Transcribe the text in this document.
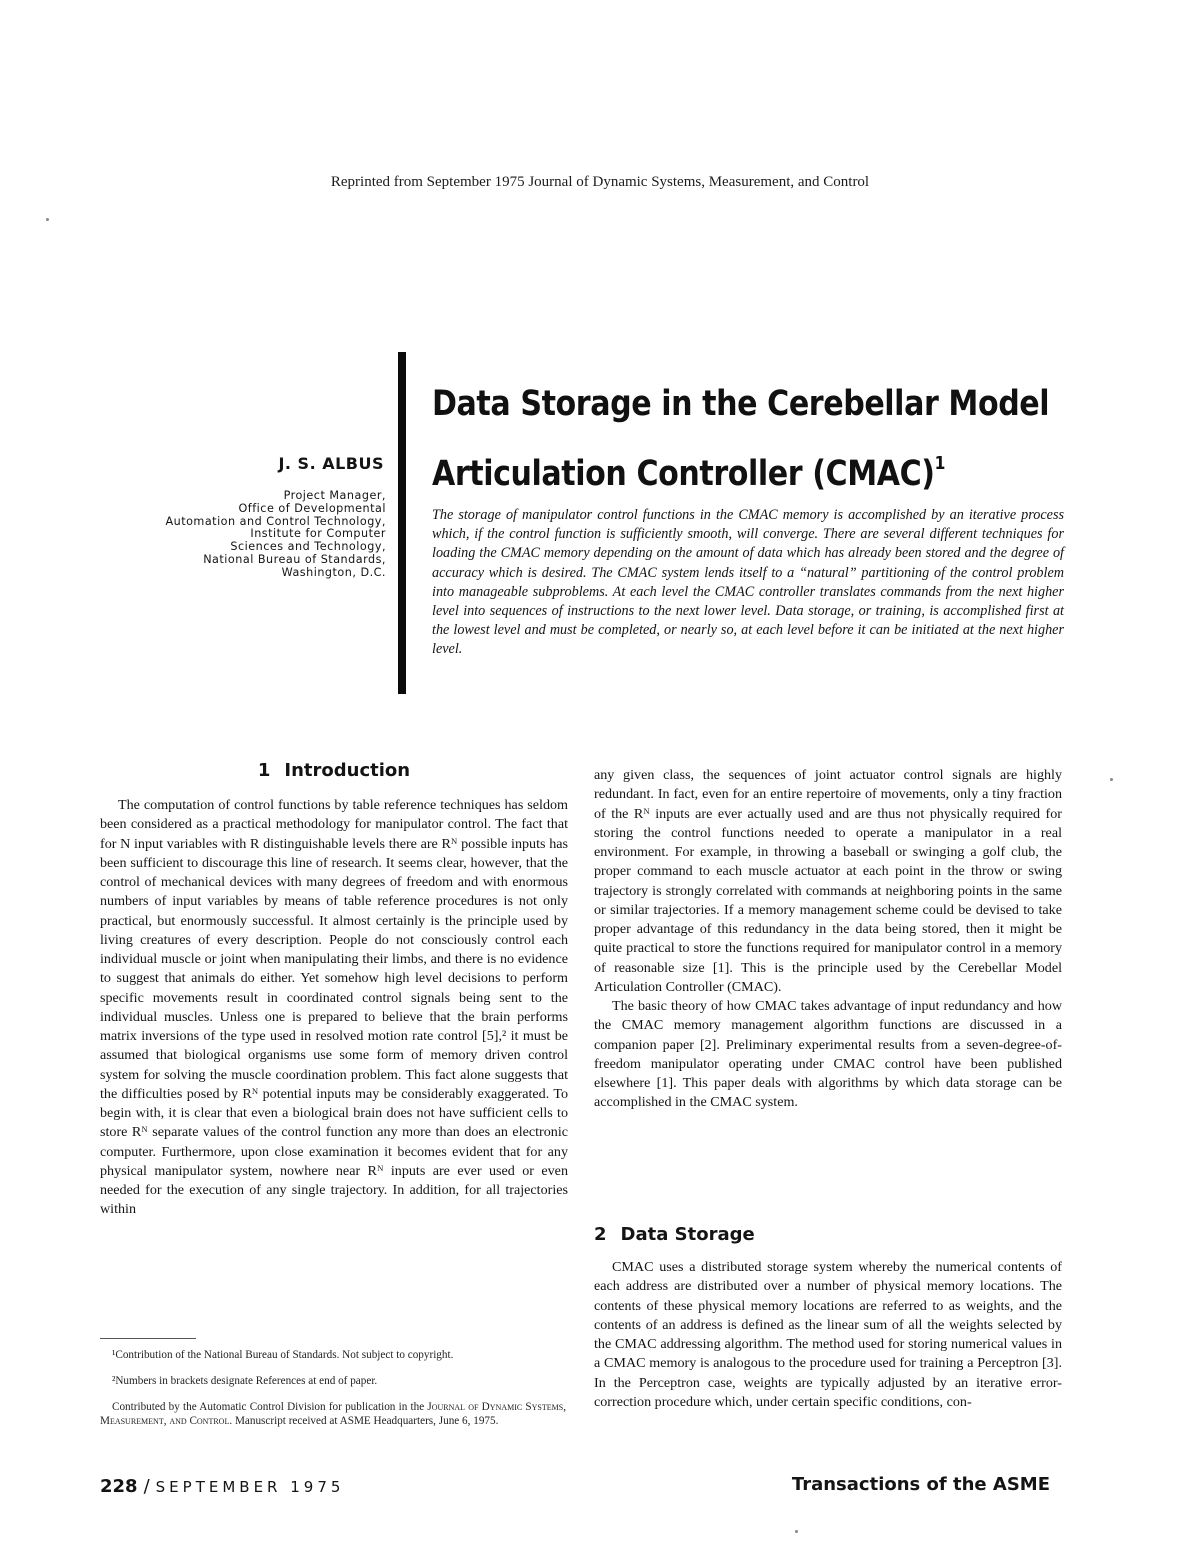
Reprinted from September 1975 Journal of Dynamic Systems, Measurement, and Control
Data Storage in the Cerebellar Model
Articulation Controller (CMAC)$^1$
J. S. ALBUS
Project Manager,
Office of Developmental
Automation and Control Technology,
Institute for Computer
Sciences and Technology,
National Bureau of Standards,
Washington, D.C.
The storage of manipulator control functions in the CMAC memory is accomplished by an iterative process which, if the control function is sufficiently smooth, will converge. There are several different techniques for loading the CMAC memory depending on the amount of data which has already been stored and the degree of accuracy which is desired. The CMAC system lends itself to a “natural” partitioning of the control problem into manageable subproblems. At each level the CMAC controller translates commands from the next higher level into sequences of instructions to the next lower level. Data storage, or training, is accomplished first at the lowest level and must be completed, or nearly so, at each level before it can be initiated at the next higher level.
1 Introduction

The computation of control functions by table reference techniques has seldom been considered as a practical methodology for manipulator control. The fact that for N input variables with R distinguishable levels there are Rᴺ possible inputs has been sufficient to discourage this line of research. It seems clear, however, that the control of mechanical devices with many degrees of freedom and with enormous numbers of input variables by means of table reference procedures is not only practical, but enormously successful. It almost certainly is the principle used by living creatures of every description. People do not consciously control each individual muscle or joint when manipulating their limbs, and there is no evidence to suggest that animals do either. Yet somehow high level decisions to perform specific movements result in coordinated control signals being sent to the individual muscles. Unless one is prepared to believe that the brain performs matrix inversions of the type used in resolved motion rate control [5],² it must be assumed that biological organisms use some form of memory driven control system for solving the muscle coordination problem. This fact alone suggests that the difficulties posed by Rᴺ potential inputs may be considerably exaggerated. To begin with, it is clear that even a biological brain does not have sufficient cells to store Rᴺ separate values of the control function any more than does an electronic computer. Furthermore, upon close examination it becomes evident that for any physical manipulator system, nowhere near Rᴺ inputs are ever used or even needed for the execution of any single trajectory. In addition, for all trajectories within

any given class, the sequences of joint actuator control signals are highly redundant. In fact, even for an entire repertoire of movements, only a tiny fraction of the Rᴺ inputs are ever actually used and are thus not physically required for storing the control functions needed to operate a manipulator in a real environment. For example, in throwing a baseball or swinging a golf club, the proper command to each muscle actuator at each point in the throw or swing trajectory is strongly correlated with commands at neighboring points in the same or similar trajectories. If a memory management scheme could be devised to take proper advantage of this redundancy in the data being stored, then it might be quite practical to store the functions required for manipulator control in a memory of reasonable size [1]. This is the principle used by the Cerebellar Model Articulation Controller (CMAC).

The basic theory of how CMAC takes advantage of input redundancy and how the CMAC memory management algorithm functions are discussed in a companion paper [2]. Preliminary experimental results from a seven-degree-of-freedom manipulator operating under CMAC control have been published elsewhere [1]. This paper deals with algorithms by which data storage can be accomplished in the CMAC system.

2 Data Storage

CMAC uses a distributed storage system whereby the numerical contents of each address are distributed over a number of physical memory locations. The contents of these physical memory locations are referred to as weights, and the contents of an address is defined as the linear sum of all the weights selected by the CMAC addressing algorithm. The method used for storing numerical values in a CMAC memory is analogous to the procedure used for training a Perceptron [3]. In the Perceptron case, weights are typically adjusted by an iterative error-correction procedure which, under certain specific conditions, con-

¹Contribution of the National Bureau of Standards. Not subject to copyright.

²Numbers in brackets designate References at end of paper.

Contributed by the Automatic Control Division for publication in the Journal of Dynamic Systems, Measurement, and Control. Manuscript received at ASME Headquarters, June 6, 1975.

228 / SEPTEMBER 1975	Transactions of the ASME
